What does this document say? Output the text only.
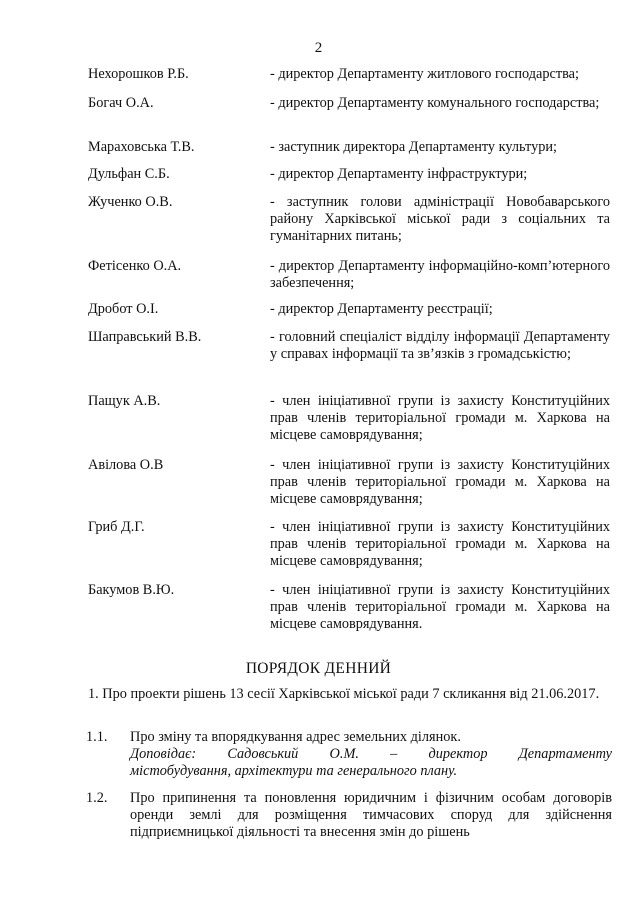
2
Нехорошков Р.Б.	- директор Департаменту житлового господарства;
Богач О.А.	- директор Департаменту комунального господарства;
Мараховська Т.В.	- заступник директора Департаменту культури;
Дульфан С.Б.	- директор Департаменту інфраструктури;
Жученко О.В.	- заступник голови адміністрації Новобаварського району Харківської міської ради з соціальних та гуманітарних питань;
Фетісенко О.А.	- директор Департаменту інформаційно-комп’ютерного забезпечення;
Дробот О.І.	- директор Департаменту реєстрації;
Шаправський В.В.	- головний спеціаліст відділу інформації Департаменту у справах інформації та зв’язків з громадськістю;
Пащук А.В.	- член ініціативної групи із захисту Конституційних прав членів територіальної громади м. Харкова на місцеве самоврядування;
Авілова О.В	- член ініціативної групи із захисту Конституційних прав членів територіальної громади м. Харкова на місцеве самоврядування;
Гриб Д.Г.	- член ініціативної групи із захисту Конституційних прав членів територіальної громади м. Харкова на місцеве самоврядування;
Бакумов В.Ю.	- член ініціативної групи із захисту Конституційних прав членів територіальної громади м. Харкова на місцеве самоврядування.
ПОРЯДОК ДЕННИЙ
1. Про проекти рішень 13 сесії Харківської міської ради 7 скликання від 21.06.2017.
1.1. Про зміну та впорядкування адрес земельних ділянок.
Доповідає: Садовський О.М. – директор Департаменту
містобудування, архітектури та генерального плану.
1.2. Про припинення та поновлення юридичним і фізичним особам договорів оренди землі для розміщення тимчасових споруд для здійснення підприємницької діяльності та внесення змін до рішень
